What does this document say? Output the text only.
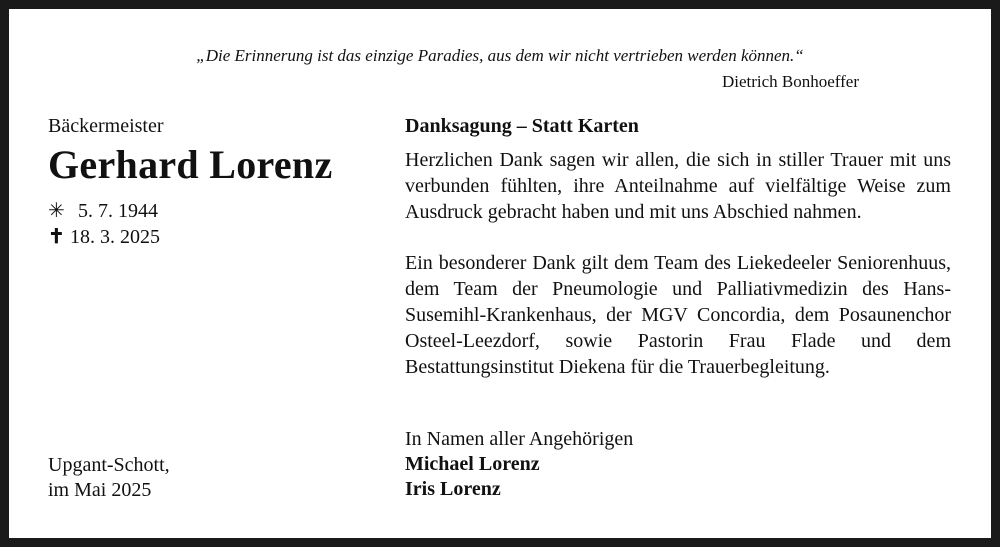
„Die Erinnerung ist das einzige Paradies, aus dem wir nicht vertrieben werden können.“
Dietrich Bonhoeffer
Bäckermeister
Gerhard Lorenz
✳ 5. 7. 1944
✝ 18. 3. 2025
Upgant-Schott,
im Mai 2025
Danksagung – Statt Karten
Herzlichen Dank sagen wir allen, die sich in stiller Trauer mit uns verbunden fühlten, ihre Anteilnahme auf vielfältige Weise zum Ausdruck gebracht haben und mit uns Abschied nahmen.
Ein besonderer Dank gilt dem Team des Liekedeeler Seniorenhuus, dem Team der Pneumologie und Palliativmedizin des Hans-Susemihl-Krankenhaus, der MGV Concordia, dem Posaunenchor Osteel-Leezdorf, sowie Pastorin Frau Flade und dem Bestattungsinstitut Diekena für die Trauerbegleitung.
In Namen aller Angehörigen
Michael Lorenz
Iris Lorenz
